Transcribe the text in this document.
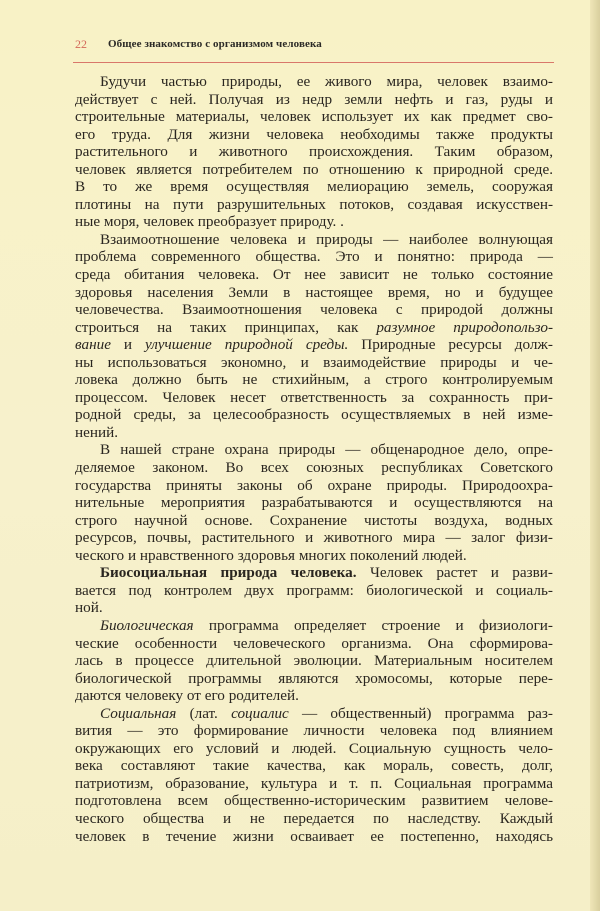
22 Общее знакомство с организмом человека
Будучи частью природы, ее живого мира, человек взаимо-
действует с ней. Получая из недр земли нефть и газ, руды и
строительные материалы, человек использует их как предмет сво-
его труда. Для жизни человека необходимы также продукты
растительного и животного происхождения. Таким образом,
человек является потребителем по отношению к природной среде.
В то же время осуществляя мелиорацию земель, сооружая
плотины на пути разрушительных потоков, создавая искусствен-
ные моря, человек преобразует природу. .
Взаимоотношение человека и природы — наиболее волнующая
проблема современного общества. Это и понятно: природа —
среда обитания человека. От нее зависит не только состояние
здоровья населения Земли в настоящее время, но и будущее
человечества. Взаимоотношения человека с природой должны
строиться на таких принципах, как разумное природопользо-
вание и улучшение природной среды. Природные ресурсы долж-
ны использоваться экономно, и взаимодействие природы и че-
ловека должно быть не стихийным, а строго контролируемым
процессом. Человек несет ответственность за сохранность при-
родной среды, за целесообразность осуществляемых в ней изме-
нений.
В нашей стране охрана природы — общенародное дело, опре-
деляемое законом. Во всех союзных республиках Советского
государства приняты законы об охране природы. Природоохра-
нительные мероприятия разрабатываются и осуществляются на
строго научной основе. Сохранение чистоты воздуха, водных
ресурсов, почвы, растительного и животного мира — залог физи-
ческого и нравственного здоровья многих поколений людей.
Биосоциальная природа человека. Человек растет и разви-
вается под контролем двух программ: биологической и социаль-
ной.
Биологическая программа определяет строение и физиологи-
ческие особенности человеческого организма. Она сформирова-
лась в процессе длительной эволюции. Материальным носителем
биологической программы являются хромосомы, которые пере-
даются человеку от его родителей.
Социальная (лат. социалис — общественный) программа раз-
вития — это формирование личности человека под влиянием
окружающих его условий и людей. Социальную сущность чело-
века составляют такие качества, как мораль, совесть, долг,
патриотизм, образование, культура и т. п. Социальная программа
подготовлена всем общественно-историческим развитием челове-
ческого общества и не передается по наследству. Каждый
человек в течение жизни осваивает ее постепенно, находясь
